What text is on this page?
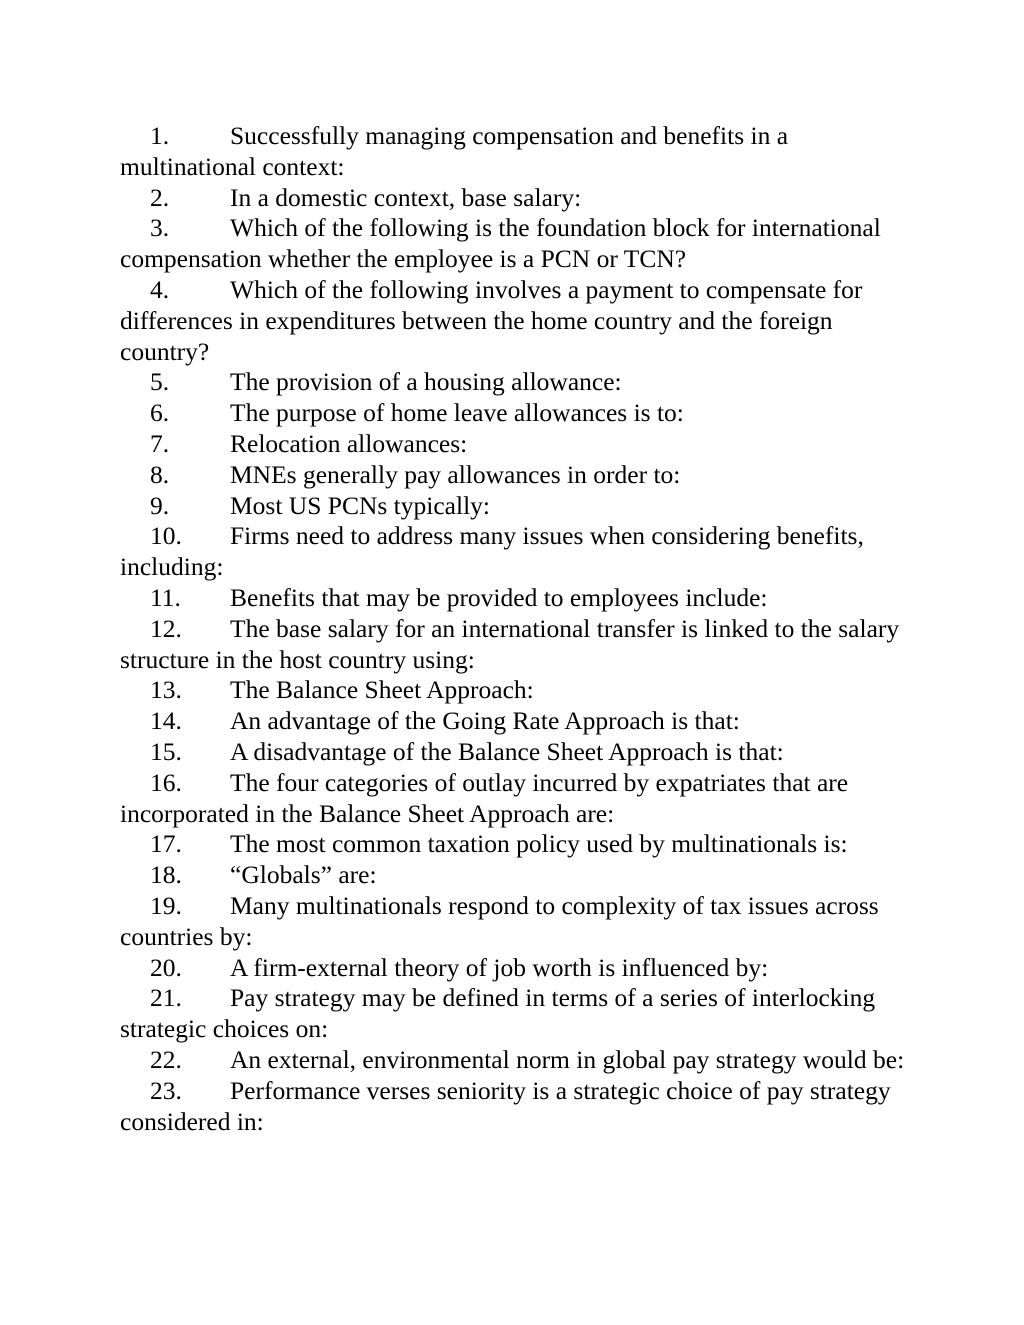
1. Successfully managing compensation and benefits in a multinational context:
2. In a domestic context, base salary:
3. Which of the following is the foundation block for international compensation whether the employee is a PCN or TCN?
4. Which of the following involves a payment to compensate for differences in expenditures between the home country and the foreign country?
5. The provision of a housing allowance:
6. The purpose of home leave allowances is to:
7. Relocation allowances:
8. MNEs generally pay allowances in order to:
9. Most US PCNs typically:
10. Firms need to address many issues when considering benefits, including:
11. Benefits that may be provided to employees include:
12. The base salary for an international transfer is linked to the salary structure in the host country using:
13. The Balance Sheet Approach:
14. An advantage of the Going Rate Approach is that:
15. A disadvantage of the Balance Sheet Approach is that:
16. The four categories of outlay incurred by expatriates that are incorporated in the Balance Sheet Approach are:
17. The most common taxation policy used by multinationals is:
18. “Globals” are:
19. Many multinationals respond to complexity of tax issues across countries by:
20. A firm-external theory of job worth is influenced by:
21. Pay strategy may be defined in terms of a series of interlocking strategic choices on:
22. An external, environmental norm in global pay strategy would be:
23. Performance verses seniority is a strategic choice of pay strategy considered in:
